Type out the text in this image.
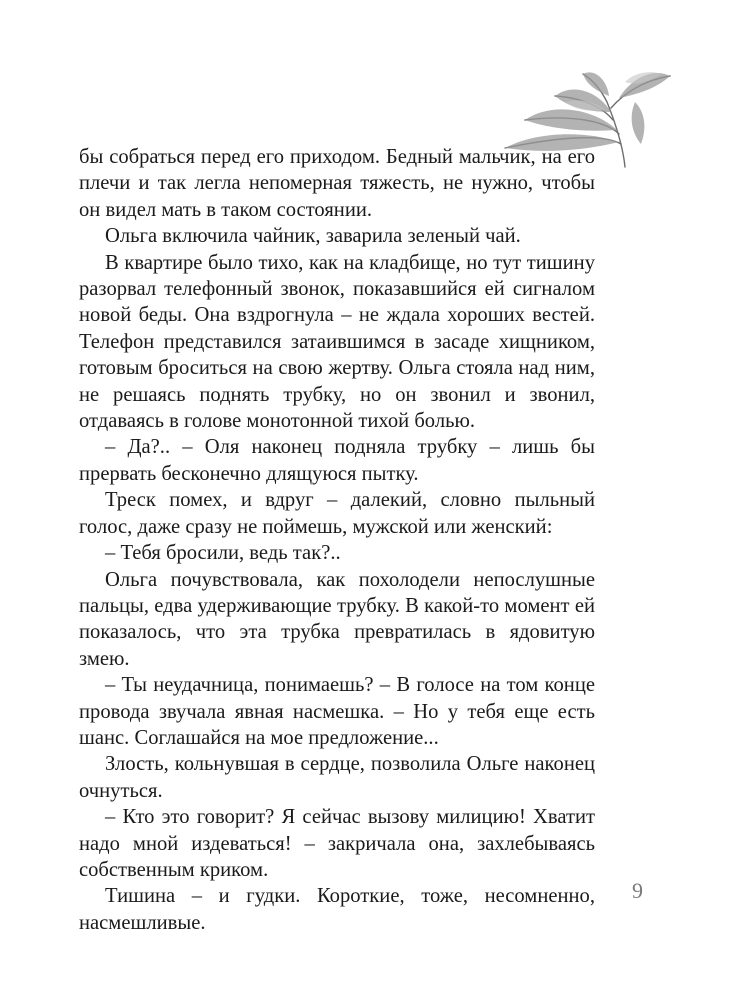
бы собраться перед его приходом. Бедный мальчик, на его плечи и так легла непомерная тяжесть, не нужно, чтобы он видел мать в таком состоянии.

Ольга включила чайник, заварила зеленый чай.

В квартире было тихо, как на кладбище, но тут тишину разорвал телефонный звонок, показавшийся ей сигналом новой беды. Она вздрогнула – не ждала хороших вестей. Телефон представился затаившимся в засаде хищником, готовым броситься на свою жертву. Ольга стояла над ним, не решаясь поднять трубку, но он звонил и звонил, отдаваясь в голове монотонной тихой болью.

– Да?.. – Оля наконец подняла трубку – лишь бы прервать бесконечно длящуюся пытку.

Треск помех, и вдруг – далекий, словно пыльный голос, даже сразу не поймешь, мужской или женский:

– Тебя бросили, ведь так?..

Ольга почувствовала, как похолодели непослушные пальцы, едва удерживающие трубку. В какой-то момент ей показалось, что эта трубка превратилась в ядовитую змею.

– Ты неудачница, понимаешь? – В голосе на том конце провода звучала явная насмешка. – Но у тебя еще есть шанс. Соглашайся на мое предложение...

Злость, кольнувшая в сердце, позволила Ольге наконец очнуться.

– Кто это говорит? Я сейчас вызову милицию! Хватит надо мной издеваться! – закричала она, захлебываясь собственным криком.

Тишина – и гудки. Короткие, тоже, несомненно, насмешливые.

9
